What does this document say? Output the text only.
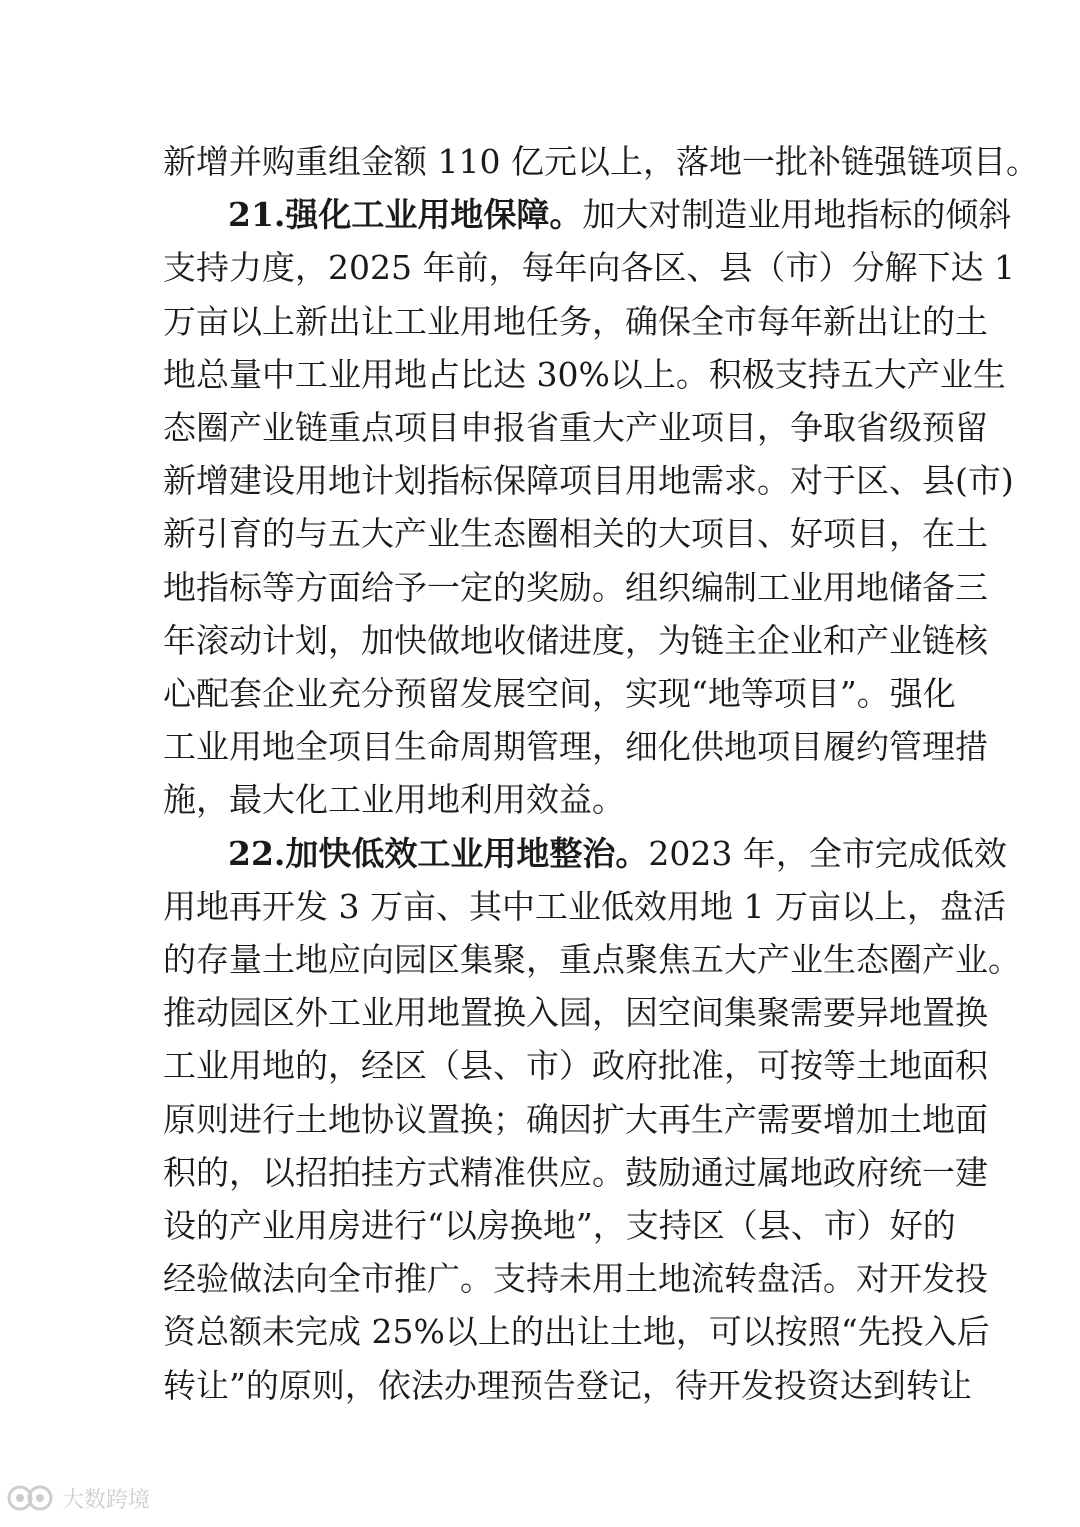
新增并购重组金额 110 亿元以上，落地一批补链强链项目。
21.强化工业用地保障。加大对制造业用地指标的倾斜
支持力度，2025 年前，每年向各区、县（市）分解下达 1
万亩以上新出让工业用地任务，确保全市每年新出让的土
地总量中工业用地占比达 30%以上。积极支持五大产业生
态圈产业链重点项目申报省重大产业项目，争取省级预留
新增建设用地计划指标保障项目用地需求。对于区、县(市)
新引育的与五大产业生态圈相关的大项目、好项目，在土
地指标等方面给予一定的奖励。组织编制工业用地储备三
年滚动计划，加快做地收储进度，为链主企业和产业链核
心配套企业充分预留发展空间，实现“地等项目”。强化
工业用地全项目生命周期管理，细化供地项目履约管理措
施，最大化工业用地利用效益。
22.加快低效工业用地整治。2023 年，全市完成低效
用地再开发 3 万亩、其中工业低效用地 1 万亩以上，盘活
的存量土地应向园区集聚，重点聚焦五大产业生态圈产业。
推动园区外工业用地置换入园，因空间集聚需要异地置换
工业用地的，经区（县、市）政府批准，可按等土地面积
原则进行土地协议置换；确因扩大再生产需要增加土地面
积的，以招拍挂方式精准供应。鼓励通过属地政府统一建
设的产业用房进行“以房换地”，支持区（县、市）好的
经验做法向全市推广。支持未用土地流转盘活。对开发投
资总额未完成 25%以上的出让土地，可以按照“先投入后
转让”的原则，依法办理预告登记，待开发投资达到转让
大数跨境
